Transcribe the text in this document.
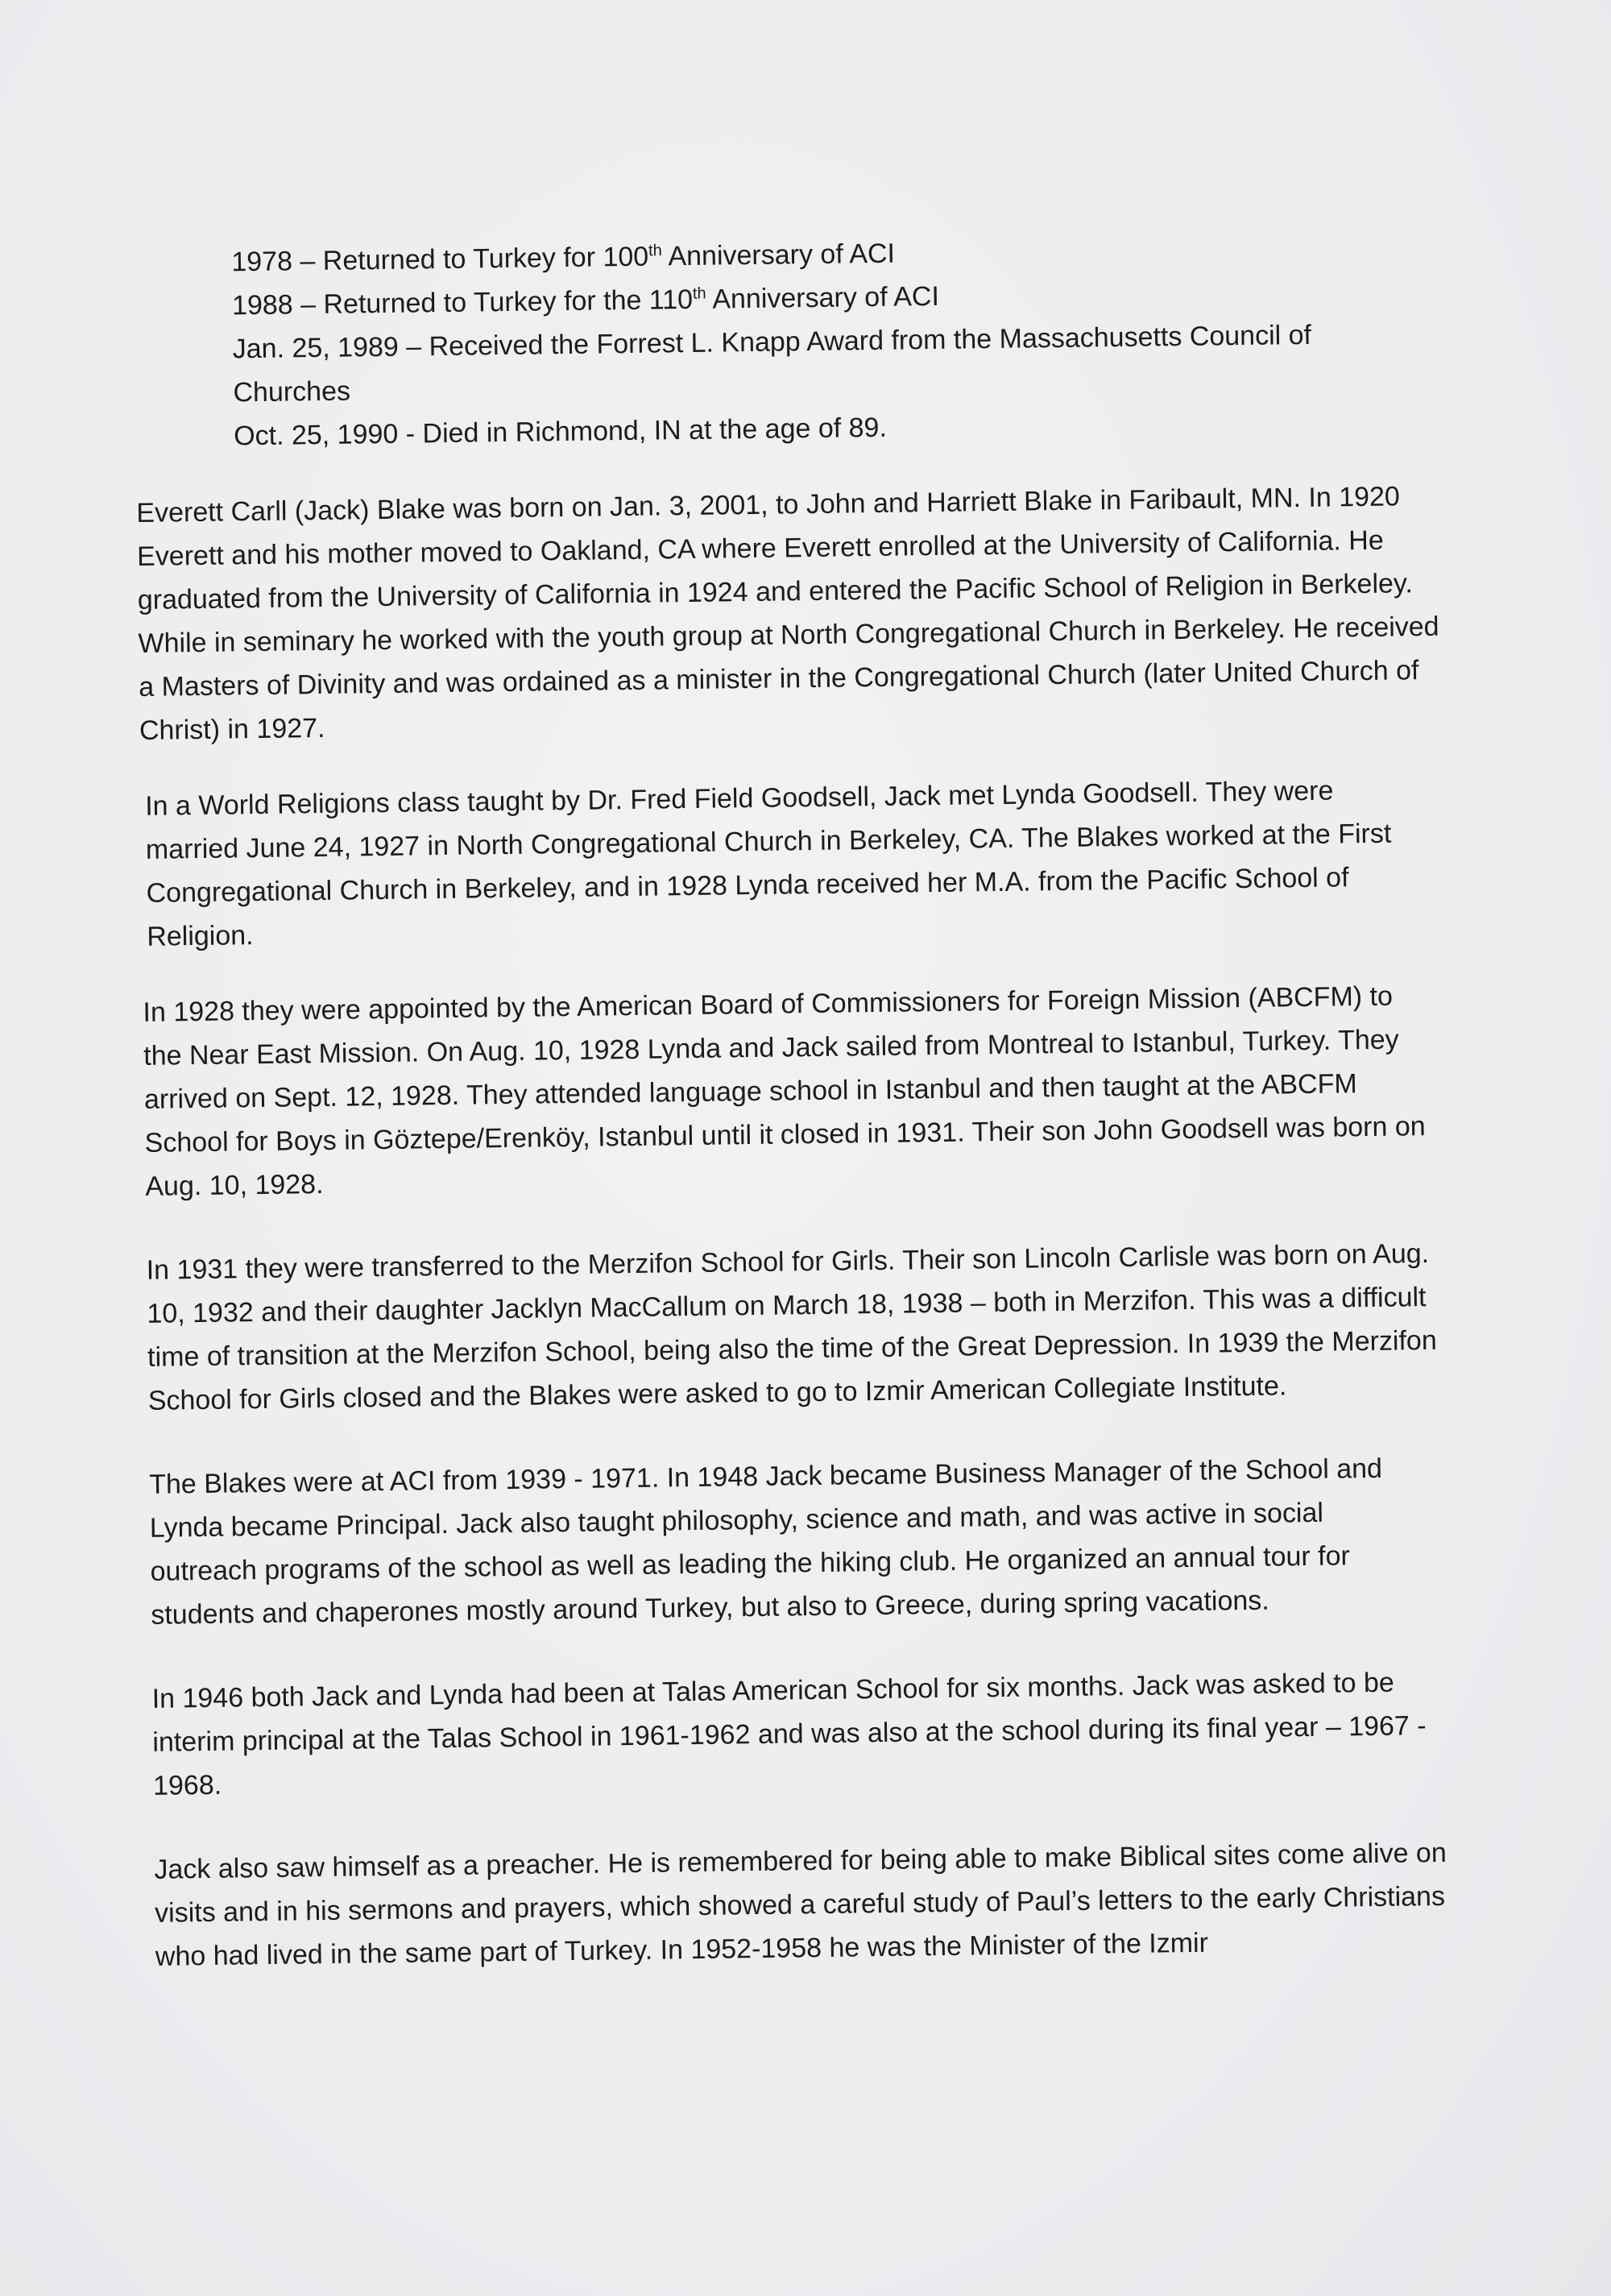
1978 – Returned to Turkey for 100th Anniversary of ACI

1988 – Returned to Turkey for the 110th Anniversary of ACI

Jan. 25, 1989 – Received the Forrest L. Knapp Award from the Massachusetts Council of Churches

Oct. 25, 1990 - Died in Richmond, IN at the age of 89.

Everett Carll (Jack) Blake was born on Jan. 3, 2001, to John and Harriett Blake in Faribault, MN. In 1920 Everett and his mother moved to Oakland, CA where Everett enrolled at the University of California. He graduated from the University of California in 1924 and entered the Pacific School of Religion in Berkeley. While in seminary he worked with the youth group at North Congregational Church in Berkeley. He received a Masters of Divinity and was ordained as a minister in the Congregational Church (later United Church of Christ) in 1927.

In a World Religions class taught by Dr. Fred Field Goodsell, Jack met Lynda Goodsell. They were married June 24, 1927 in North Congregational Church in Berkeley, CA. The Blakes worked at the First Congregational Church in Berkeley, and in 1928 Lynda received her M.A. from the Pacific School of Religion.

In 1928 they were appointed by the American Board of Commissioners for Foreign Mission (ABCFM) to the Near East Mission. On Aug. 10, 1928 Lynda and Jack sailed from Montreal to Istanbul, Turkey. They arrived on Sept. 12, 1928. They attended language school in Istanbul and then taught at the ABCFM School for Boys in Göztepe/Erenköy, Istanbul until it closed in 1931. Their son John Goodsell was born on Aug. 10, 1928.

In 1931 they were transferred to the Merzifon School for Girls. Their son Lincoln Carlisle was born on Aug. 10, 1932 and their daughter Jacklyn MacCallum on March 18, 1938 – both in Merzifon. This was a difficult time of transition at the Merzifon School, being also the time of the Great Depression. In 1939 the Merzifon School for Girls closed and the Blakes were asked to go to Izmir American Collegiate Institute.

The Blakes were at ACI from 1939 - 1971. In 1948 Jack became Business Manager of the School and Lynda became Principal. Jack also taught philosophy, science and math, and was active in social outreach programs of the school as well as leading the hiking club. He organized an annual tour for students and chaperones mostly around Turkey, but also to Greece, during spring vacations.

In 1946 both Jack and Lynda had been at Talas American School for six months. Jack was asked to be interim principal at the Talas School in 1961-1962 and was also at the school during its final year – 1967 - 1968.

Jack also saw himself as a preacher. He is remembered for being able to make Biblical sites come alive on visits and in his sermons and prayers, which showed a careful study of Paul’s letters to the early Christians who had lived in the same part of Turkey. In 1952-1958 he was the Minister of the Izmir
